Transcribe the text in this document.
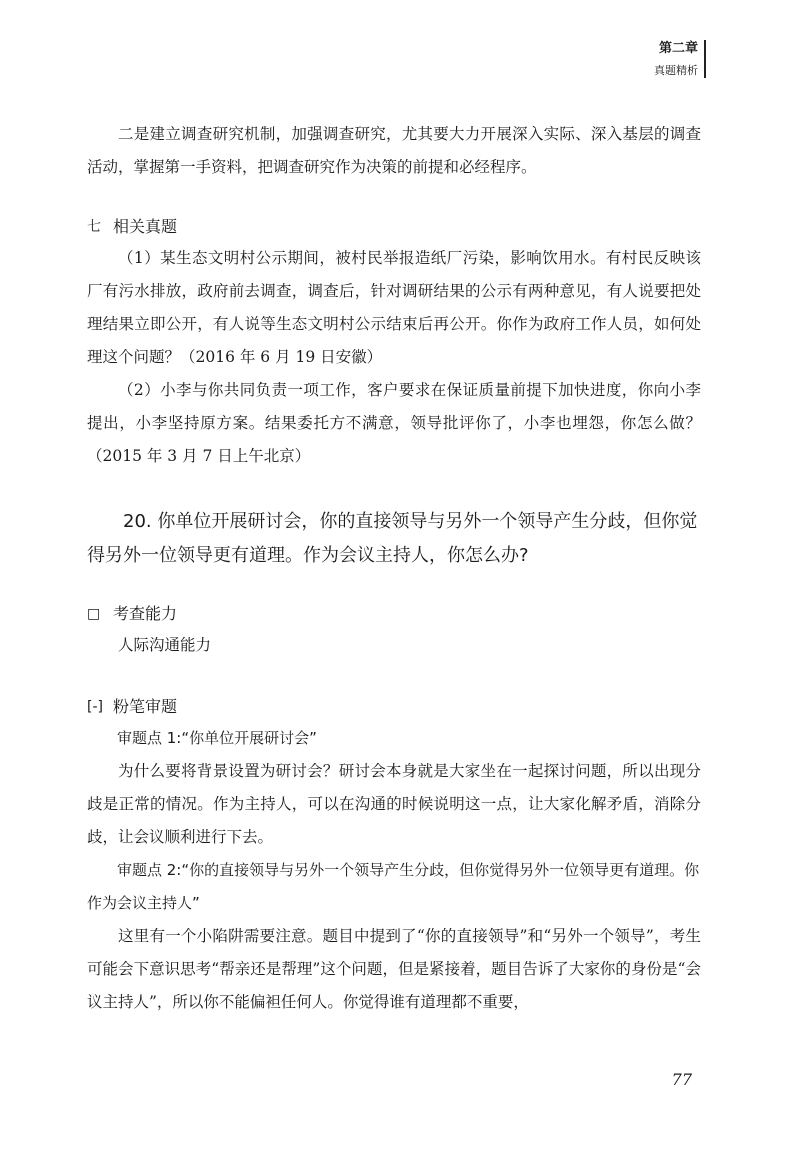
第二章
真题精析

二是建立调查研究机制，加强调查研究，尤其要大力开展深入实际、深入基层的调查活动，掌握第一手资料，把调查研究作为决策的前提和必经程序。

七 相关真题

（1）某生态文明村公示期间，被村民举报造纸厂污染，影响饮用水。有村民反映该厂有污水排放，政府前去调查，调查后，针对调研结果的公示有两种意见，有人说要把处理结果立即公开，有人说等生态文明村公示结束后再公开。你作为政府工作人员，如何处理这个问题？（2016 年 6 月 19 日安徽）

（2）小李与你共同负责一项工作，客户要求在保证质量前提下加快进度，你向小李提出，小李坚持原方案。结果委托方不满意，领导批评你了，小李也埋怨，你怎么做？（2015 年 3 月 7 日上午北京）

20. 你单位开展研讨会，你的直接领导与另外一个领导产生分歧，但你觉得另外一位领导更有道理。作为会议主持人，你怎么办?
□ 考查能力

人际沟通能力

[-] 粉笔审题
审题点 1:“你单位开展研讨会”

为什么要将背景设置为研讨会？研讨会本身就是大家坐在一起探讨问题，所以出现分歧是正常的情况。作为主持人，可以在沟通的时候说明这一点，让大家化解矛盾，消除分歧，让会议顺利进行下去。

审题点 2:“你的直接领导与另外一个领导产生分歧，但你觉得另外一位领导更有道理。你作为会议主持人”

这里有一个小陷阱需要注意。题目中提到了“你的直接领导”和“另外一个领导”，考生可能会下意识思考“帮亲还是帮理”这个问题，但是紧接着，题目告诉了大家你的身份是“会议主持人”，所以你不能偏袒任何人。你觉得谁有道理都不重要，

77
